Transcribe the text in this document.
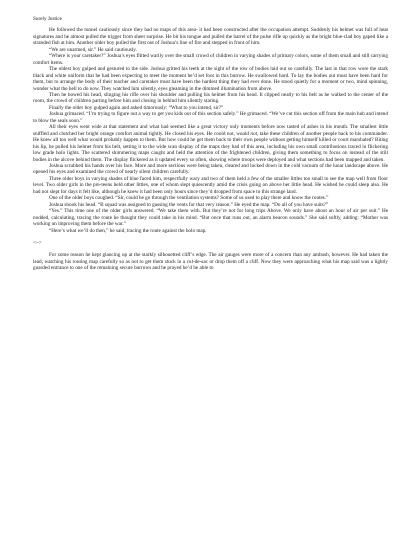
Surely Justice

He followed the tunnel cautiously since they had no maps of this area- it had been constructed after the occupation attempt. Suddenly his helmet was full of heat signatures and he almost pulled the trigger from sheer surprise. He bit his tongue and pulled the barrel of the pulse rifle up quickly as the bright blue-clad boy gaped like a stranded fish at him. Another older boy pulled the first out of Joshua’s line of fire and stepped in front of him.

“We are unarmed, sir.” He said cautiously.

“Where is your caretaker?” Joshua’s eyes flitted warily over the small crowd of children in varying shades of primary colors, some of them small and still carrying comfort items.

The oldest boy gulped and gestured to the side. Joshua gritted his teeth at the sight of the row of bodies laid out so carefully. The last in that row wore the stark black and white uniform that he had been expecting to meet the moment he’d set foot in this burrow. He swallowed hard. To lay the bodies out must have been hard for them, but to arrange the body of their teacher and caretaker must have been the hardest thing they had ever done. He stood quietly for a moment or two, mind spinning, wonder what the hell to do now. They watched him silently, eyes gleaming in the dimmed illumination from above.

Then he bowed his head, slinging his rifle over his shoulder and pulling his helmet from his head. It clipped neatly to his belt as he walked to the center of the room, the crowd of children parting before him and closing in behind him silently staring.

Finally the older boy gulped again and asked timorously: “What to you intend, sir?”

Joshua grimaced. “I’m trying to figure out a way to get you kids out of this section safely.” He grimaced. “We’ve cut this section off from the main hub and intend to blow the seals soon.”

All their eyes went wide at that statement and what had seemed like a great victory only moments before now tasted of ashes in his mouth. The smallest little sniffled and clutched her bright orange comfort animal tightly. He closed his eyes. He could not, would not, take these children of another people back to his commander. He knew all too well what would probably happen to them. But how could he get them back to their own people without getting himself killed or court marshaled? Biting his lip, he pulled his helmet from his belt, setting it to the wide scan display of the maps they had of this area, including his own small contributions traced in flickering low grade holo lights. The scattered shimmering maps caught and held the attention of the frightened children, giving them something to focus on instead of the still bodies in the alcove behind them. The display flickered as it updated every so often, showing where troops were deployed and what sections had been mapped and taken.

Joshua scrubbed his hands over his face. More and more sections were being taken, cleared and locked down in the cold vacuum of the lunar landscape above. He opened his eyes and examined the crowd of nearly silent children carefully.

Three older boys in varying shades of blue faced him, respectfully wary and two of them held a few of the smaller littles too small to see the map well from floor level. Two older girls in the pre-teens held other littles, one of whom slept quiescently amid the crisis going on above her little head. He wished he could sleep also. He had not slept for days it felt like, although he knew it had been only hours since they’d dropped from space to this strange land.

One of the older boys coughed. “Sir, could he go through the ventilation systems? Some of us used to play there and know the routes.”

Joshua shook his head. “B squad was assigned to gassing the vents for that very reason.” He eyed the map. “Do all of you have suits?”

“Yes.” This time one of the older girls answered. “We take them with. But they’re not for long trips Above. We only have about an hour of air per suit.” He nodded, calculating, tracing the route he thought they could take in his mind. “But once that runs out, an alarm beacon sounds.” She said softly, adding: “Mother was working on improving them before the war.”

“Here’s what we’ll do then,” he said, tracing the route against the holo map.

<~>

For some reason he kept glancing up at the starkly silhouetted cliff’s edge. The air gauges were more of a concern than any ambush, however. He had taken the lead, watching his routing map carefully so as not to get them stuck in a cul-de-sac or drop them off a cliff. Now they were approaching what his map said was a lightly guarded entrance to one of the remaining secure burrows and he prayed he’d be able to
